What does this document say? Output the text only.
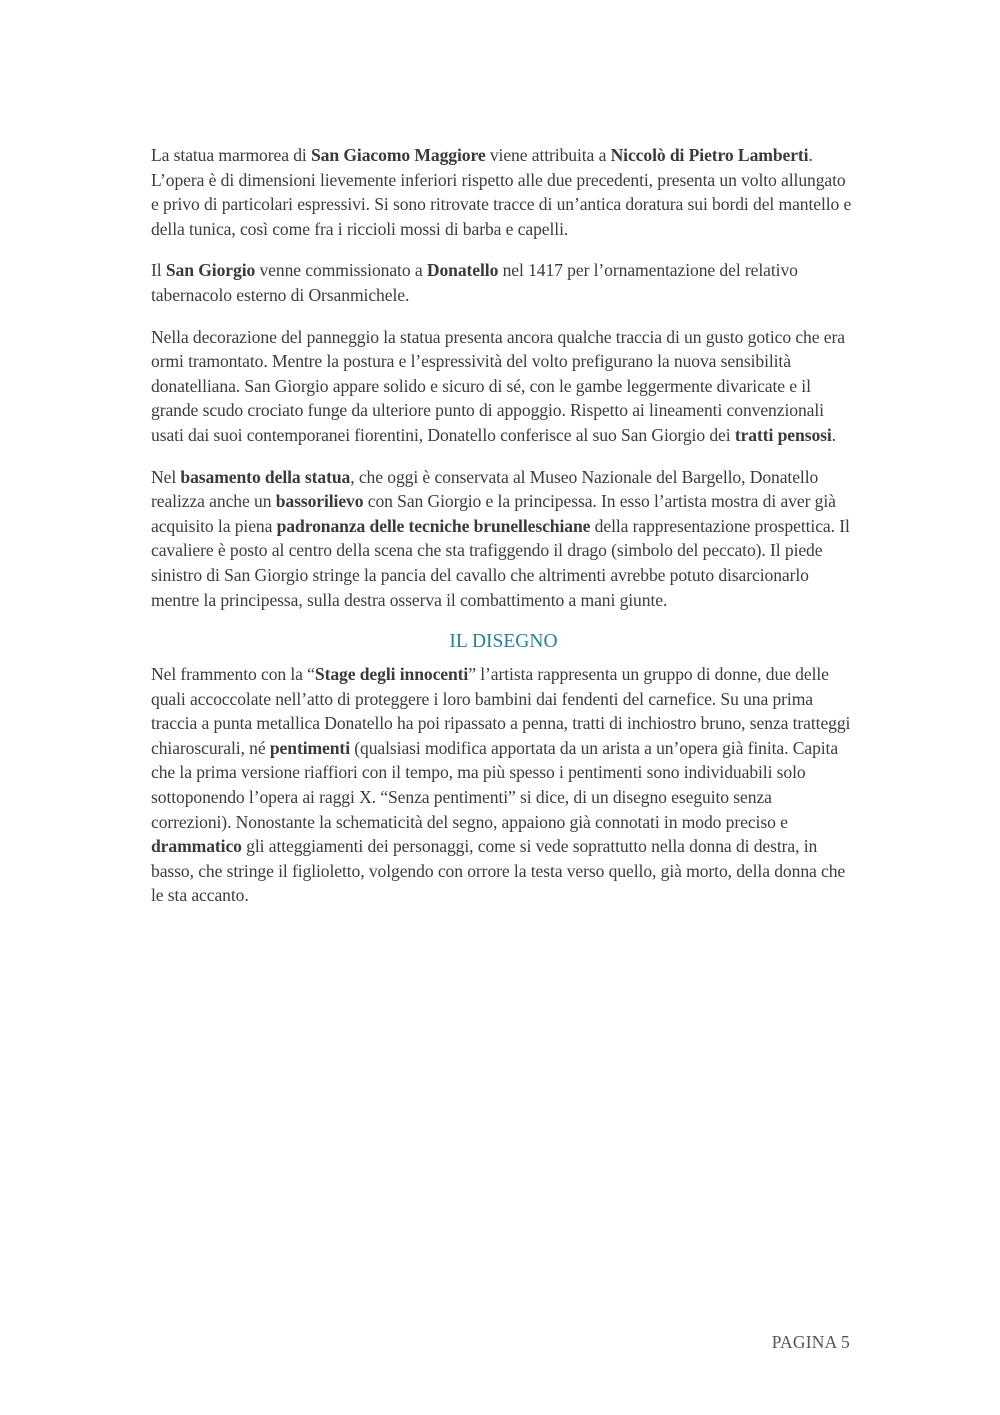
La statua marmorea di San Giacomo Maggiore viene attribuita a Niccolò di Pietro Lamberti. L’opera è di dimensioni lievemente inferiori rispetto alle due precedenti, presenta un volto allungato e privo di particolari espressivi. Si sono ritrovate tracce di un’antica doratura sui bordi del mantello e della tunica, così come fra i riccioli mossi di barba e capelli.

Il San Giorgio venne commissionato a Donatello nel 1417 per l’ornamentazione del relativo tabernacolo esterno di Orsanmichele.

Nella decorazione del panneggio la statua presenta ancora qualche traccia di un gusto gotico che era ormi tramontato. Mentre la postura e l’espressività del volto prefigurano la nuova sensibilità donatelliana. San Giorgio appare solido e sicuro di sé, con le gambe leggermente divaricate e il grande scudo crociato funge da ulteriore punto di appoggio. Rispetto ai lineamenti convenzionali usati dai suoi contemporanei fiorentini, Donatello conferisce al suo San Giorgio dei tratti pensosi.

Nel basamento della statua, che oggi è conservata al Museo Nazionale del Bargello, Donatello realizza anche un bassorilievo con San Giorgio e la principessa. In esso l’artista mostra di aver già acquisito la piena padronanza delle tecniche brunelleschiane della rappresentazione prospettica. Il cavaliere è posto al centro della scena che sta trafiggendo il drago (simbolo del peccato). Il piede sinistro di San Giorgio stringe la pancia del cavallo che altrimenti avrebbe potuto disarcionarlo mentre la principessa, sulla destra osserva il combattimento a mani giunte.

IL DISEGNO

Nel frammento con la “Stage degli innocenti” l’artista rappresenta un gruppo di donne, due delle quali accoccolate nell’atto di proteggere i loro bambini dai fendenti del carnefice. Su una prima traccia a punta metallica Donatello ha poi ripassato a penna, tratti di inchiostro bruno, senza tratteggi chiaroscurali, né pentimenti (qualsiasi modifica apportata da un arista a un’opera già finita. Capita che la prima versione riaffiori con il tempo, ma più spesso i pentimenti sono individuabili solo sottoponendo l’opera ai raggi X. “Senza pentimenti” si dice, di un disegno eseguito senza correzioni). Nonostante la schematicità del segno, appaiono già connotati in modo preciso e drammatico gli atteggiamenti dei personaggi, come si vede soprattutto nella donna di destra, in basso, che stringe il figlioletto, volgendo con orrore la testa verso quello, già morto, della donna che le sta accanto.

PAGINA 5
